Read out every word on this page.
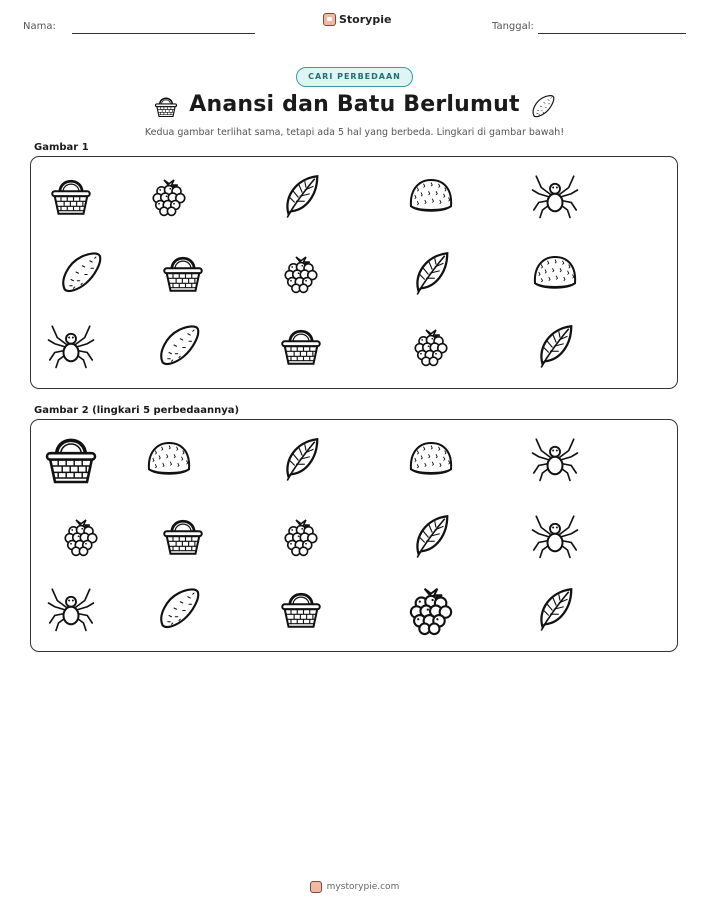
Nama:
Storypie
Tanggal:
CARI PERBEDAAN
Anansi dan Batu Berlumut
Kedua gambar terlihat sama, tetapi ada 5 hal yang berbeda. Lingkari di gambar bawah!
Gambar 1
Gambar 2 (lingkari 5 perbedaannya)
mystorypie.com
